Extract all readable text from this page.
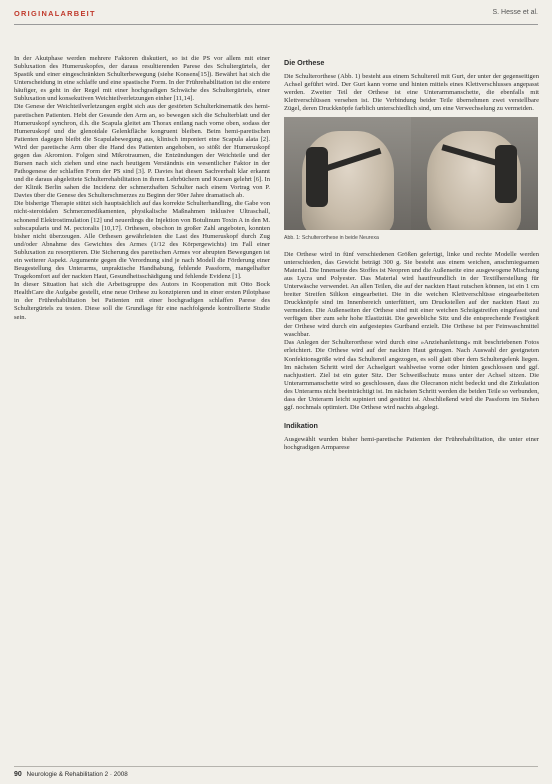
ORIGINALARBEIT	S. Hesse et al.

In der Akutphase werden mehrere Faktoren diskutiert, so ist die PS vor allem mit einer Subluxation des Humeruskopfes, der daraus resultierenden Parese des Schultergürtels, der Spastik und einer eingeschränkten Schulterbewegung (siehe Konsens[15]). Bewährt hat sich die Unterscheidung in eine schlaffe und eine spastische Form. In der Frührehabilitation ist die erstere häufiger, es geht in der Regel mit einer hochgradigen Schwäche des Schultergürtels, einer Subluxation und konsekutiven Weichteilverletzungen einher [11,14].

Die Genese der Weichteilverletzungen ergibt sich aus der gestörten Schulterkinematik des hemi-paretischen Patienten. Hebt der Gesunde den Arm an, so bewegen sich die Schulterblatt und der Humeruskopf synchron, d.h. die Scapula gleitet am Thorax entlang nach vorne oben, sodass der Humeruskopf und die glenoidale Gelenkfläche kongruent bleiben. Beim hemi-paretischen Patienten dagegen bleibt die Scapulabewegung aus, klinisch imponiert eine Scapula alata [2]. Wird der paretische Arm über die Hand des Patienten angehoben, so stößt der Humeruskopf gegen das Akromion. Folgen sind Mikrotraumen, die Entzündungen der Weichteile und der Bursen nach sich ziehen und eine nach heutigem Verständnis ein wesentlicher Faktor in der Pathogenese der schlaffen Form der PS sind [3]. P. Davies hat diesen Sachverhalt klar erkannt und die daraus abgeleitete Schulterrehabilitation in ihrem Lehrbüchern und Kursen gelehrt [6]. In der Klinik Berlin sahen die Incidenz der schmerzhaften Schulter nach einem Vortrag von P. Davies über die Genese des Schulterschmerzes zu Beginn der 90er Jahre dramatisch ab.

Die bisherige Therapie stützt sich hauptsächlich auf das korrekte Schulterhandling, die Gabe von nicht-steroidalen Schmerzmedikamenten, physikalische Maßnahmen inklusive Ultraschall, schonend Elektrostimulation [12] und neuerdings die Injektion von Botulinum Toxin A in den M. subscapularis und M. pectoralis [10,17]. Orthesen, obschon in großer Zahl angeboten, konnten bisher nicht überzeugen. Alle Orthesen gewährleisten die Last des Humeruskopf durch Zug und/oder Abnahme des Gewichtes des Armes (1/12 des Körpergewichts) im Fall einer Subluxation zu resorptieren. Die Sicherung des paretischen Armes vor abrupten Bewegungen ist ein weiterer Aspekt. Argumente gegen die Verordnung sind je nach Modell die Förderung einer Beugestellung des Unterarms, unpraktische Handhabung, fehlende Passform, mangelhafter Tragekomfort auf der nackten Haut, Gesundheitsschädigung und fehlende Evidenz [1].

In dieser Situation hat sich die Arbeitsgruppe des Autors in Kooperation mit Otto Bock HealthCare die Aufgabe gestellt, eine neue Orthese zu konzipieren und in einer ersten Pilotphase in der Frührehabilitation bei Patienten mit einer hochgradigen schlaffen Parese des Schultergürtels zu testen. Diese soll die Grundlage für eine nachfolgende kontrollierte Studie sein.

Die Orthese

Die Schulterorthese (Abb. 1) besteht aus einem Schultereil mit Gurt, der unter der gegenseitigen Achsel geführt wird. Der Gurt kann vorne und hinten mittels eines Klettverschlusses angepasst werden. Zweiter Teil der Orthese ist eine Unterarmmanschette, die ebenfalls mit Klettverschlüssen versehen ist. Die Verbindung beider Teile übernehmen zwei verstellbare Zügel, deren Druckknöpfe farblich unterschiedlich sind, um eine Verwechselung zu vermeiden.

Abb. 1: Schulterorthese in beide Neurexa

Die Orthese wird in fünf verschiedenen Größen gefertigt, linke und rechte Modelle werden unterschieden, das Gewicht beträgt 300 g. Sie besteht aus einem weichen, anschmiegsamen Material. Die Innenseite des Stoffes ist Neopren und die Außenseite eine ausgewogene Mischung aus Lycra und Polyester. Das Material wird hautfreundlich in der Textilherstellung für Unterwäsche verwendet. An allen Teilen, die auf der nackten Haut rutschen können, ist ein 1 cm breiter Streifen Silikon eingearbeitet. Die in die weichen Klettverschlüsse eingearbeiteten Druckknöpfe sind im Innenbereich unterfüttert, um Druckstellen auf der nackten Haut zu vermeiden. Die Außenseiten der Orthese sind mit einer weichen Schrägstreifen eingefasst und verfügen über zum sehr hohe Elastizität. Die gewebliche Sitz und die entsprechende Festigkeit der Orthese wird durch ein aufgesteptes Gurtband erzielt. Die Orthese ist per Feinwaschmittel waschbar.

Das Anlegen der Schulterorthese wird durch eine »Anziehanleitung« mit beschriebenen Fotos erleichtert. Die Orthese wird auf der nackten Haut getragen. Nach Auswahl der geeigneten Konfektionsgröße wird das Schultereil angezogen, es soll glatt über dem Schultergelenk liegen. Im nächsten Schritt wird der Achselgurt wahlweise vorne oder hinten geschlossen und ggf. nachjustiert. Ziel ist ein guter Sitz. Der Schweißschutz muss unter der Achsel sitzen. Die Unterarmmanschette wird so geschlossen, dass die Olecranon nicht bedeckt und die Zirkulation des Unterarms nicht beeinträchtigt ist. Im nächsten Schritt werden die beiden Teile so verbunden, dass der Unterarm leicht supiniert und gestützt ist. Abschließend wird die Passform im Stehen ggf. nochmals optimiert. Die Orthese wird nachts abgelegt.

Indikation

Ausgewählt wurden bisher hemi-paretische Patienten der Frührehabilitation, die unter einer hochgradigen Armparese

90 Neurologie & Rehabilitation 2 · 2008
